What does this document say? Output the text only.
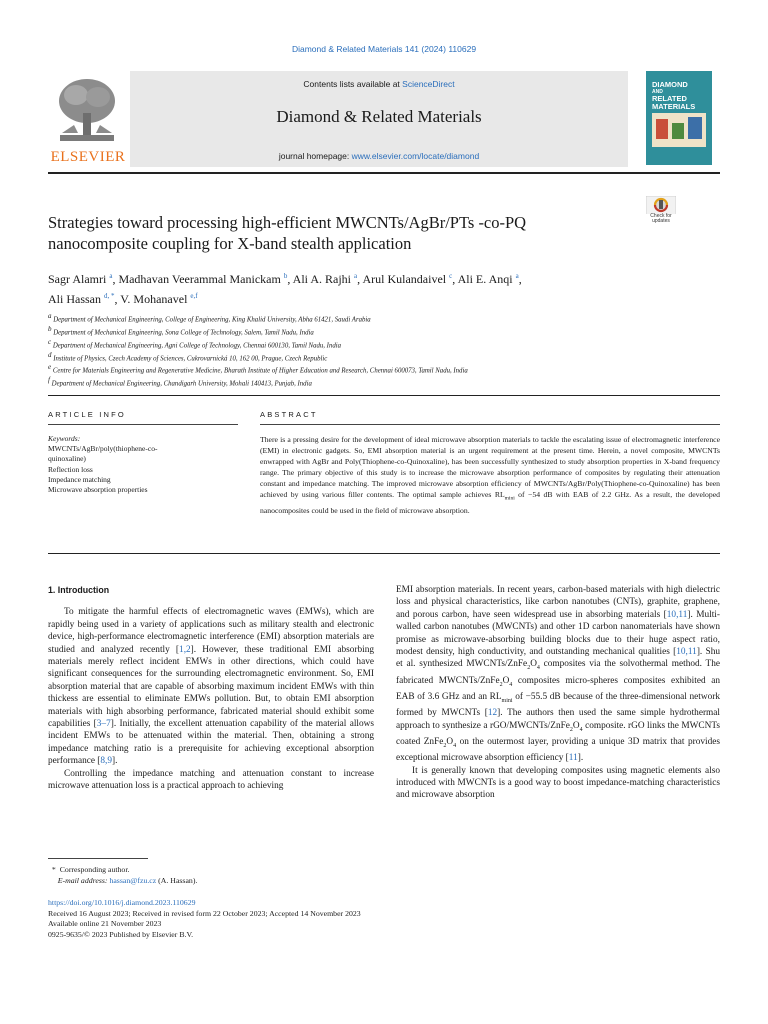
Diamond & Related Materials 141 (2024) 110629
ELSEVIER
Contents lists available at ScienceDirect
Diamond & Related Materials
journal homepage: www.elsevier.com/locate/diamond
DIAMOND
AND
RELATED
MATERIALS
Check for updates
Strategies toward processing high-efficient MWCNTs/AgBr/PTs -co-PQ
nanocomposite coupling for X-band stealth application
Sagr Alamri $^a$, Madhavan Veerammal Manickam $^b$, Ali A. Rajhi $^a$, Arul Kulandaivel $^c$, Ali E. Anqi $^a$,
Ali Hassan $^{d, *}$, V. Mohanavel $^{e,f}$
$^a$ Department of Mechanical Engineering, College of Engineering, King Khalid University, Abha 61421, Saudi Arabia
$^b$ Department of Mechanical Engineering, Sona College of Technology, Salem, Tamil Nadu, India
$^c$ Department of Mechanical Engineering, Agni College of Technology, Chennai 600130, Tamil Nadu, India
$^d$ Institute of Physics, Czech Academy of Sciences, Cukrovarnická 10, 162 00, Prague, Czech Republic
$^e$ Centre for Materials Engineering and Regenerative Medicine, Bharath Institute of Higher Education and Research, Chennai 600073, Tamil Nadu, India
$^f$ Department of Mechanical Engineering, Chandigarh University, Mohali 140413, Punjab, India
ARTICLE INFO	ABSTRACT
Keywords:
MWCNTs/AgBr/poly(thiophene-co-
quinoxaline)
Reflection loss
Impedance matching
Microwave absorption properties
There is a pressing desire for the development of ideal microwave absorption materials to tackle the escalating issue of electromagnetic interference (EMI) in electronic gadgets. So, EMI absorption material is an urgent requirement at the present time. Herein, a novel composite, MWCNTs enwrapped with AgBr and Poly(Thiophene-co-Quinoxaline), has been successfully synthesized to study absorption properties in X-band frequency range. The primary objective of this study is to increase the microwave absorption performance of composites by regulating their attenuation constant and impedance matching. The improved microwave absorption efficiency of MWCNTs/AgBr/Poly(Thiophene-co-Quinoxaline) has been achieved by using various filler contents. The optimal sample achieves $RL_{mini}$ of −54 dB with EAB of 2.2 GHz. As a result, the developed nanocomposites could be used in the field of microwave absorption.
1. Introduction

To mitigate the harmful effects of electromagnetic waves (EMWs), which are rapidly being used in a variety of applications such as military stealth and electronic device, high-performance electromagnetic interference (EMI) absorption materials are studied and analyzed recently [1,2]. However, these traditional EMI absorbing materials merely reflect incident EMWs in other directions, which could have significant consequences for the surrounding electromagnetic environment. So, EMI absorption material that are capable of absorbing maximum incident EMWs with thin thickess are essential to eliminate EMWs pollution. But, to obtain EMI absorption materials with high absorbing performance, fabricated material should exhibit some capabilities [3–7]. Initially, the excellent attenuation capability of the material allows incident EMWs to be attenuated within the material. Then, obtaining a strong impedance matching ratio is a prerequisite for achieving exceptional absorption performance [8,9].

Controlling the impedance matching and attenuation constant to increase microwave attenuation loss is a practical approach to achieving

EMI absorption materials. In recent years, carbon-based materials with high dielectric loss and physical characteristics, like carbon nanotubes (CNTs), graphite, graphene, and porous carbon, have seen widespread use in absorbing materials [10,11]. Multi-walled carbon nanotubes (MWCNTs) and other 1D carbon nanomaterials have shown promise as microwave-absorbing building blocks due to their huge aspect ratio, modest density, high conductivity, and outstanding mechanical qualities [10,11]. Shu et al. synthesized MWCNTs/$ZnFe_2O_4$ composites via the solvothermal method. The fabricated MWCNTs/$ZnFe_2O_4$ composites micro-spheres composites exhibited an EAB of 3.6 GHz and an $RL_{mini}$ of −55.5 dB because of the three-dimensional network formed by MWCNTs [12]. The authors then used the same simple hydrothermal approach to synthesize a rGO/$MWCNTs/ZnFe_2O_4$ composite. rGO links the MWCNTs coated $ZnFe_2O_4$ on the outermost layer, providing a unique 3D matrix that provides exceptional microwave absorption efficiency [11].

It is generally known that developing composites using magnetic elements also introduced with MWCNTs is a good way to boost impedance-matching characteristics and microwave absorption

* Corresponding author.
E-mail address: hassan@fzu.cz (A. Hassan).
https://doi.org/10.1016/j.diamond.2023.110629
Received 16 August 2023; Received in revised form 22 October 2023; Accepted 14 November 2023
Available online 21 November 2023
0925-9635/© 2023 Published by Elsevier B.V.
